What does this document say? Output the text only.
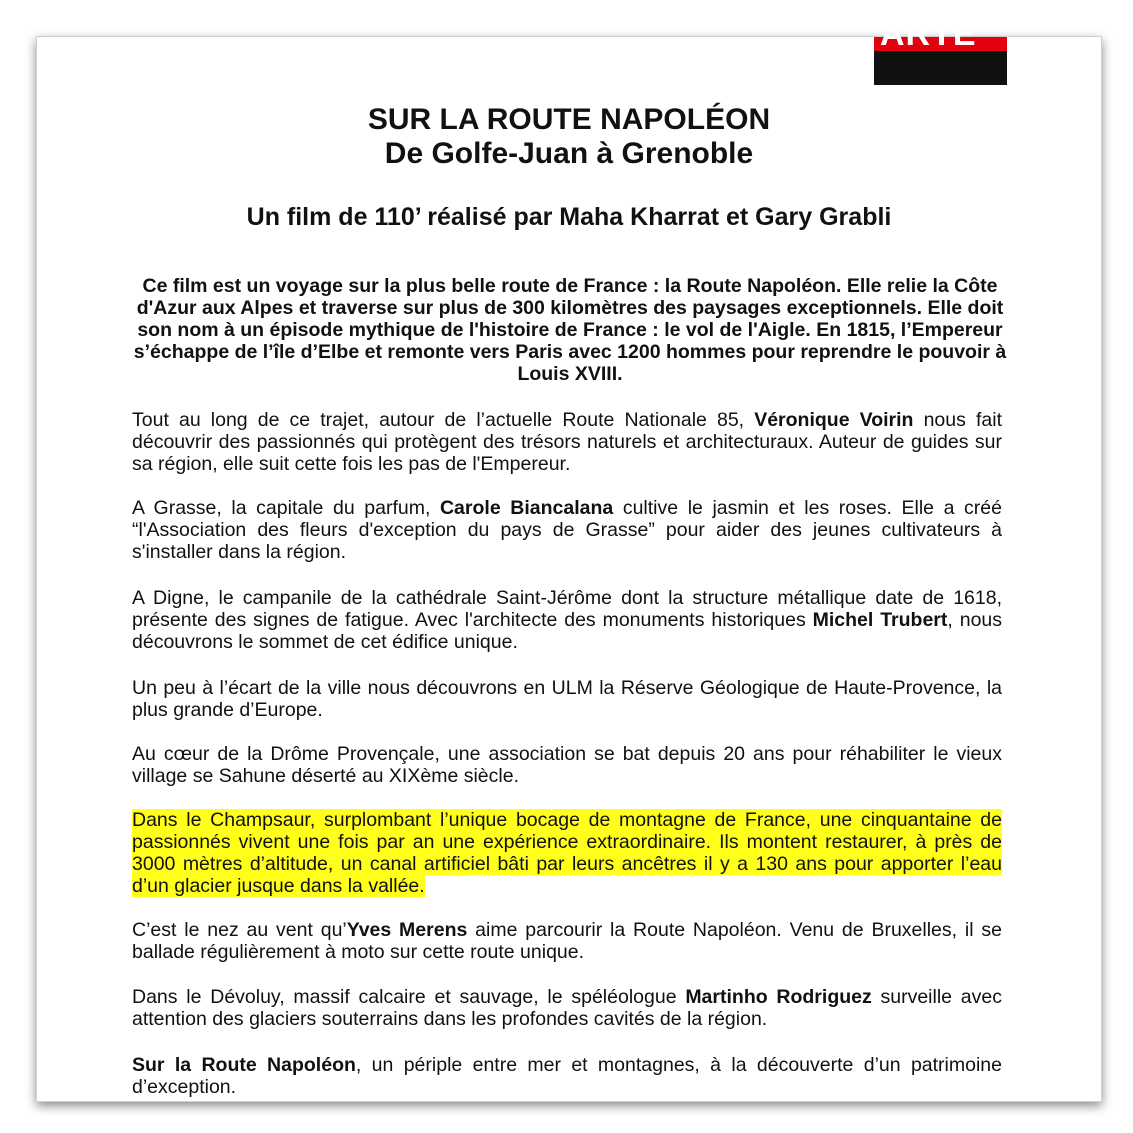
ARTE
SUR LA ROUTE NAPOLÉON
De Golfe-Juan à Grenoble
Un film de 110’ réalisé par Maha Kharrat et Gary Grabli

Ce film est un voyage sur la plus belle route de France : la Route Napoléon. Elle relie la Côte d'Azur aux Alpes et traverse sur plus de 300 kilomètres des paysages exceptionnels. Elle doit son nom à un épisode mythique de l'histoire de France : le vol de l'Aigle. En 1815, l’Empereur s’échappe de l’île d’Elbe et remonte vers Paris avec 1200 hommes pour reprendre le pouvoir à Louis XVIII.

Tout au long de ce trajet, autour de l’actuelle Route Nationale 85, Véronique Voirin nous fait découvrir des passionnés qui protègent des trésors naturels et architecturaux. Auteur de guides sur sa région, elle suit cette fois les pas de l'Empereur.

A Grasse, la capitale du parfum, Carole Biancalana cultive le jasmin et les roses. Elle a créé “l'Association des fleurs d'exception du pays de Grasse” pour aider des jeunes cultivateurs à s'installer dans la région.

A Digne, le campanile de la cathédrale Saint-Jérôme dont la structure métallique date de 1618, présente des signes de fatigue. Avec l'architecte des monuments historiques Michel Trubert, nous découvrons le sommet de cet édifice unique.

Un peu à l’écart de la ville nous découvrons en ULM la Réserve Géologique de Haute-Provence, la plus grande d’Europe.

Au cœur de la Drôme Provençale, une association se bat depuis 20 ans pour réhabiliter le vieux village se Sahune déserté au XIXème siècle.

Dans le Champsaur, surplombant l’unique bocage de montagne de France, une cinquantaine de passionnés vivent une fois par an une expérience extraordinaire. Ils montent restaurer, à près de 3000 mètres d’altitude, un canal artificiel bâti par leurs ancêtres il y a 130 ans pour apporter l’eau d’un glacier jusque dans la vallée.

C’est le nez au vent qu’Yves Merens aime parcourir la Route Napoléon. Venu de Bruxelles, il se ballade régulièrement à moto sur cette route unique.

Dans le Dévoluy, massif calcaire et sauvage, le spéléologue Martinho Rodriguez surveille avec attention des glaciers souterrains dans les profondes cavités de la région.

Sur la Route Napoléon, un périple entre mer et montagnes, à la découverte d’un patrimoine d’exception.
